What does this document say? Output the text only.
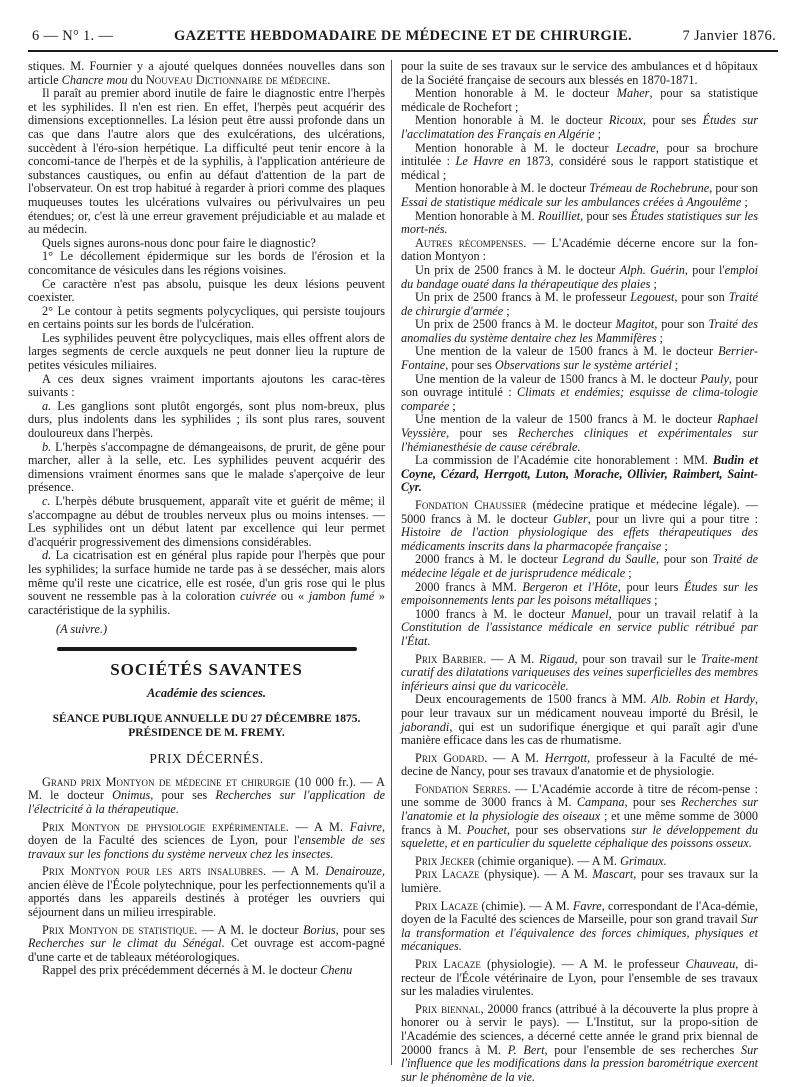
6 — N° 1. —	GAZETTE HEBDOMADAIRE DE MÉDECINE ET DE CHIRURGIE.	7 Janvier 1876.

stiques. M. Fournier y a ajouté quelques données nouvelles dans son article Chancre mou du Nouveau Dictionnaire de médecine.

Il paraît au premier abord inutile de faire le diagnostic entre l'herpès et les syphilides. Il n'en est rien. En effet, l'herpès peut acquérir des dimensions exceptionnelles. La lésion peut être aussi profonde dans un cas que dans l'autre alors que des exulcérations, des ulcérations, succèdent à l'éro-sion herpétique. La difficulté peut tenir encore à la concomi-tance de l'herpès et de la syphilis, à l'application antérieure de substances caustiques, ou enfin au défaut d'attention de la part de l'observateur. On est trop habitué à regarder à priori comme des plaques muqueuses toutes les ulcérations vulvaires ou périvulvaires un peu étendues; or, c'est là une erreur gravement préjudiciable et au malade et au médecin.

Quels signes aurons-nous donc pour faire le diagnostic?

1° Le décollement épidermique sur les bords de l'érosion et la concomitance de vésicules dans les régions voisines.

Ce caractère n'est pas absolu, puisque les deux lésions peuvent coexister.

2° Le contour à petits segments polycycliques, qui persiste toujours en certains points sur les bords de l'ulcération.

Les syphilides peuvent être polycycliques, mais elles offrent alors de larges segments de cercle auxquels ne peut donner lieu la rupture de petites vésicules miliaires.

A ces deux signes vraiment importants ajoutons les carac-tères suivants :

a. Les ganglions sont plutôt engorgés, sont plus nom-breux, plus durs, plus indolents dans les syphilides ; ils sont plus rares, souvent douloureux dans l'herpès.

b. L'herpès s'accompagne de démangeaisons, de prurit, de gêne pour marcher, aller à la selle, etc. Les syphilides peuvent acquérir des dimensions vraiment énormes sans que le malade s'aperçoive de leur présence.

c. L'herpès débute brusquement, apparaît vite et guérit de même; il s'accompagne au début de troubles nerveux plus ou moins intenses. — Les syphilides ont un début latent par excellence qui leur permet d'acquérir progressivement des dimensions considérables.

d. La cicatrisation est en général plus rapide pour l'herpès que pour les syphilides; la surface humide ne tarde pas à se dessécher, mais alors même qu'il reste une cicatrice, elle est rosée, d'un gris rose qui le plus souvent ne ressemble pas à la coloration cuivrée ou « jambon fumé » caractéristique de la syphilis.

(A suivre.)

SOCIÉTÉS SAVANTES
Académie des sciences.
SÉANCE PUBLIQUE ANNUELLE DU 27 DÉCEMBRE 1875.
PRÉSIDENCE DE M. FREMY.
PRIX DÉCERNÉS.

Grand prix Montyon de médecine et chirurgie (10 000 fr.). — A M. le docteur Onimus, pour ses Recherches sur l'application de l'électricité à la thérapeutique.

Prix Montyon de physiologie expérimentale. — A M. Faivre, doyen de la Faculté des sciences de Lyon, pour l'ensemble de ses travaux sur les fonctions du système nerveux chez les insectes.

Prix Montyon pour les arts insalubres. — A M. Denairouze, ancien élève de l'École polytechnique, pour les perfectionnements qu'il a apportés dans les appareils destinés à protéger les ouvriers qui séjournent dans un milieu irrespirable.

Prix Montyon de statistique. — A M. le docteur Borius, pour ses Recherches sur le climat du Sénégal. Cet ouvrage est accom-pagné d'une carte et de tableaux météorologiques.

Rappel des prix précédemment décernés à M. le docteur Chenu

pour la suite de ses travaux sur le service des ambulances et d hôpitaux de la Société française de secours aux blessés en 1870-1871.

Mention honorable à M. le docteur Maher, pour sa statistique médicale de Rochefort ;

Mention honorable à M. le docteur Ricoux, pour ses Études sur l'acclimatation des Français en Algérie ;

Mention honorable à M. le docteur Lecadre, pour sa brochure intitulée : Le Havre en 1873, considéré sous le rapport statistique et médical ;

Mention honorable à M. le docteur Trémeau de Rochebrune, pour son Essai de statistique médicale sur les ambulances créées à Angoulême ;

Mention honorable à M. Rouilliet, pour ses Études statistiques sur les mort-nés.

Autres récompenses. — L'Académie décerne encore sur la fon-dation Montyon :

Un prix de 2500 francs à M. le docteur Alph. Guérin, pour l'emploi du bandage ouaté dans la thérapeutique des plaies ;

Un prix de 2500 francs à M. le professeur Legouest, pour son Traité de chirurgie d'armée ;

Un prix de 2500 francs à M. le docteur Magitot, pour son Traité des anomalies du système dentaire chez les Mammifères ;

Une mention de la valeur de 1500 francs à M. le docteur Berrier-Fontaine, pour ses Observations sur le système artériel ;

Une mention de la valeur de 1500 francs à M. le docteur Pauly, pour son ouvrage intitulé : Climats et endémies; esquisse de clima-tologie comparée ;

Une mention de la valeur de 1500 francs à M. le docteur Raphael Veyssière, pour ses Recherches cliniques et expérimentales sur l'hémianesthésie de cause cérébrale.

La commission de l'Académie cite honorablement : MM. Budin et Coyne, Cézard, Herrgott, Luton, Morache, Ollivier, Raimbert, Saint-Cyr.

Fondation Chaussier (médecine pratique et médecine légale). — 5000 francs à M. le docteur Gubler, pour un livre qui a pour titre : Histoire de l'action physiologique des effets thérapeutiques des médicaments inscrits dans la pharmacopée française ;

2000 francs à M. le docteur Legrand du Saulle, pour son Traité de médecine légale et de jurisprudence médicale ;

2000 francs à MM. Bergeron et l'Hôte, pour leurs Études sur les empoisonnements lents par les poisons métalliques ;

1000 francs à M. le docteur Manuel, pour un travail relatif à la Constitution de l'assistance médicale en service public rétribué par l'État.

Prix Barbier. — A M. Rigaud, pour son travail sur le Traite-ment curatif des dilatations variqueuses des veines superficielles des membres inférieurs ainsi que du varicocèle.

Deux encouragements de 1500 francs à MM. Alb. Robin et Hardy, pour leur travaux sur un médicament nouveau importé du Brésil, le jaborandi, qui est un sudorifique énergique et qui paraît agir d'une manière efficace dans les cas de rhumatisme.

Prix Godard. — A M. Herrgott, professeur à la Faculté de mé-decine de Nancy, pour ses travaux d'anatomie et de physiologie.

Fondation Serres. — L'Académie accorde à titre de récom-pense : une somme de 3000 francs à M. Campana, pour ses Recherches sur l'anatomie et la physiologie des oiseaux ; et une même somme de 3000 francs à M. Pouchet, pour ses observations sur le développement du squelette, et en particulier du squelette céphalique des poissons osseux.

Prix Jecker (chimie organique). — A M. Grimaux.

Prix Lacaze (physique). — A M. Mascart, pour ses travaux sur la lumière.

Prix Lacaze (chimie). — A M. Favre, correspondant de l'Aca-démie, doyen de la Faculté des sciences de Marseille, pour son grand travail Sur la transformation et l'équivalence des forces chimiques, physiques et mécaniques.

Prix Lacaze (physiologie). — A M. le professeur Chauveau, di-recteur de l'École vétérinaire de Lyon, pour l'ensemble de ses travaux sur les maladies virulentes.

Prix biennal, 20000 francs (attribué à la découverte la plus propre à honorer ou à servir le pays). — L'Institut, sur la propo-sition de l'Académie des sciences, a décerné cette année le grand prix biennal de 20000 francs à M. P. Bert, pour l'ensemble de ses recherches Sur l'influence que les modifications dans la pression barométrique exercent sur le phénomène de la vie.
